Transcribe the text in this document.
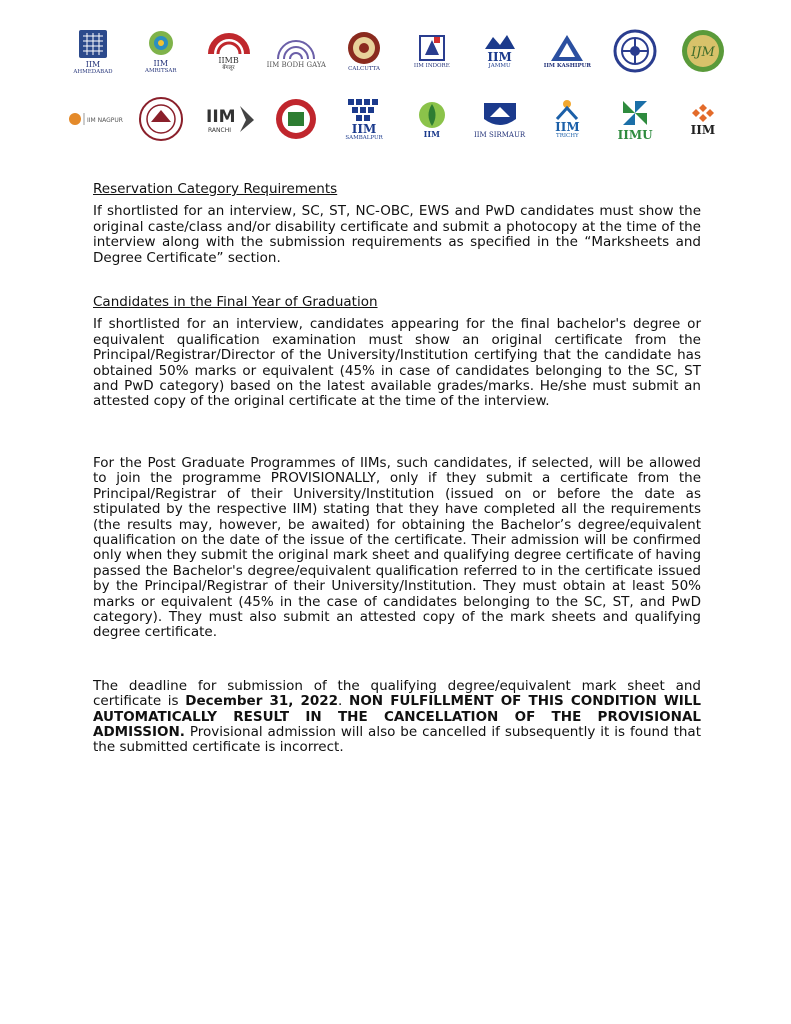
IIM
AHMEDABAD
IIM
AMRITSAR
IIMB
बेंगलूर	IIM BODH GAYA
CALCUTTA	IIM INDORE
IIM
JAMMU	IIM KASHIPUR
IJM
IIM NAGPUR	IIM
RANCHI	IIM
SAMBALPUR	IIM	IIM SIRMAUR
IIM
TRICHY	IIMU	IIM
Reservation Category Requirements

If shortlisted for an interview, SC, ST, NC-OBC, EWS and PwD candidates must show the original caste/class and/or disability certificate and submit a photocopy at the time of the interview along with the submission requirements as specified in the “Marksheets and Degree Certificate” section.

Candidates in the Final Year of Graduation

If shortlisted for an interview, candidates appearing for the final bachelor's degree or equivalent qualification examination must show an original certificate from the Principal/Registrar/Director of the University/Institution certifying that the candidate has obtained 50% marks or equivalent (45% in case of candidates belonging to the SC, ST and PwD category) based on the latest available grades/marks. He/she must submit an attested copy of the original certificate at the time of the interview.

For the Post Graduate Programmes of IIMs, such candidates, if selected, will be allowed to join the programme PROVISIONALLY, only if they submit a certificate from the Principal/Registrar of their University/Institution (issued on or before the date as stipulated by the respective IIM) stating that they have completed all the requirements (the results may, however, be awaited) for obtaining the Bachelor’s degree/equivalent qualification on the date of the issue of the certificate. Their admission will be confirmed only when they submit the original mark sheet and qualifying degree certificate of having passed the Bachelor's degree/equivalent qualification referred to in the certificate issued by the Principal/Registrar of their University/Institution. They must obtain at least 50% marks or equivalent (45% in the case of candidates belonging to the SC, ST, and PwD category). They must also submit an attested copy of the mark sheets and qualifying degree certificate.

The deadline for submission of the qualifying degree/equivalent mark sheet and certificate is December 31, 2022. NON FULFILLMENT OF THIS CONDITION WILL AUTOMATICALLY RESULT IN THE CANCELLATION OF THE PROVISIONAL ADMISSION. Provisional admission will also be cancelled if subsequently it is found that the submitted certificate is incorrect.
